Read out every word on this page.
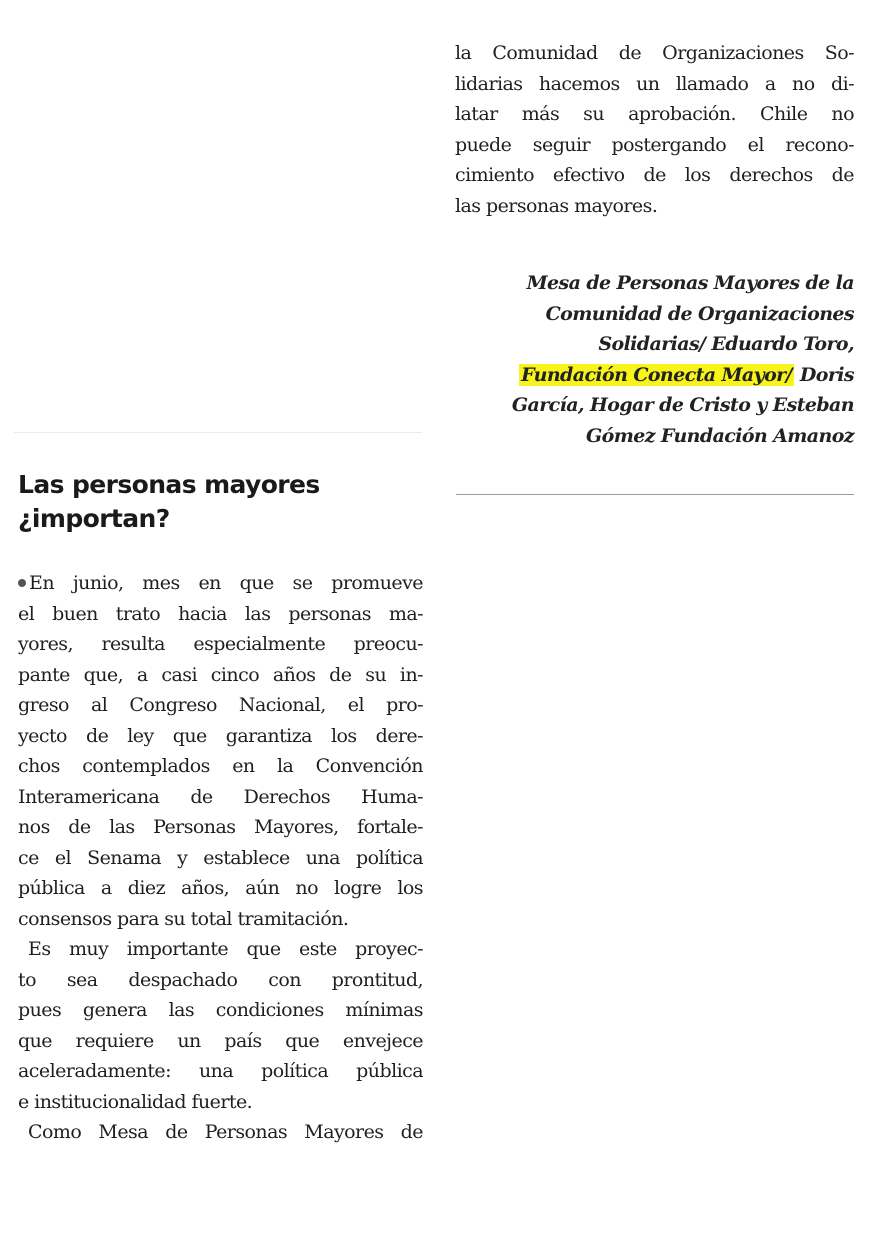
Las personas mayores
¿importan?
En junio, mes en que se promueve
el buen trato hacia las personas ma-
yores, resulta especialmente preocu-
pante que, a casi cinco años de su in-
greso al Congreso Nacional, el pro-
yecto de ley que garantiza los dere-
chos contemplados en la Convención
Interamericana de Derechos Huma-
nos de las Personas Mayores, fortale-
ce el Senama y establece una política
pública a diez años, aún no logre los
consensos para su total tramitación.
Es muy importante que este proyec-
to sea despachado con prontitud,
pues genera las condiciones mínimas
que requiere un país que envejece
aceleradamente: una política pública
e institucionalidad fuerte.
Como Mesa de Personas Mayores de
la Comunidad de Organizaciones So-
lidarias hacemos un llamado a no di-
latar más su aprobación. Chile no
puede seguir postergando el recono-
cimiento efectivo de los derechos de
las personas mayores.
Mesa de Personas Mayores de la
Comunidad de Organizaciones
Solidarias/ Eduardo Toro,
Fundación Conecta Mayor/ Doris
García, Hogar de Cristo y Esteban
Gómez Fundación Amanoz
